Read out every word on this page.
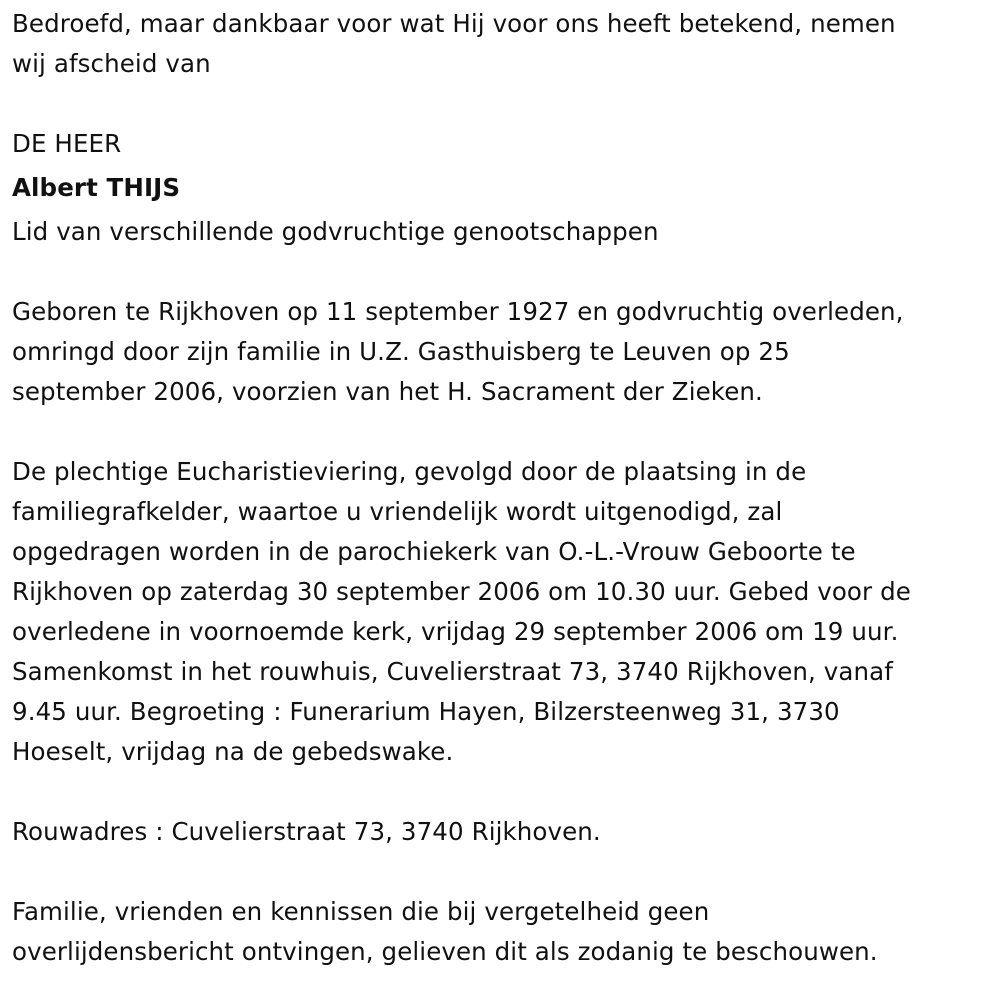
Bedroefd, maar dankbaar voor wat Hij voor ons heeft betekend, nemen
wij afscheid van

DE HEER

Albert THIJS

Lid van verschillende godvruchtige genootschappen

Geboren te Rijkhoven op 11 september 1927 en godvruchtig overleden,
omringd door zijn familie in U.Z. Gasthuisberg te Leuven op 25
september 2006, voorzien van het H. Sacrament der Zieken.

De plechtige Eucharistieviering, gevolgd door de plaatsing in de
familiegrafkelder, waartoe u vriendelijk wordt uitgenodigd, zal
opgedragen worden in de parochiekerk van O.-L.-Vrouw Geboorte te
Rijkhoven op zaterdag 30 september 2006 om 10.30 uur. Gebed voor de
overledene in voornoemde kerk, vrijdag 29 september 2006 om 19 uur.
Samenkomst in het rouwhuis, Cuvelierstraat 73, 3740 Rijkhoven, vanaf
9.45 uur. Begroeting : Funerarium Hayen, Bilzersteenweg 31, 3730
Hoeselt, vrijdag na de gebedswake.

Rouwadres : Cuvelierstraat 73, 3740 Rijkhoven.

Familie, vrienden en kennissen die bij vergetelheid geen
overlijdensbericht ontvingen, gelieven dit als zodanig te beschouwen.
